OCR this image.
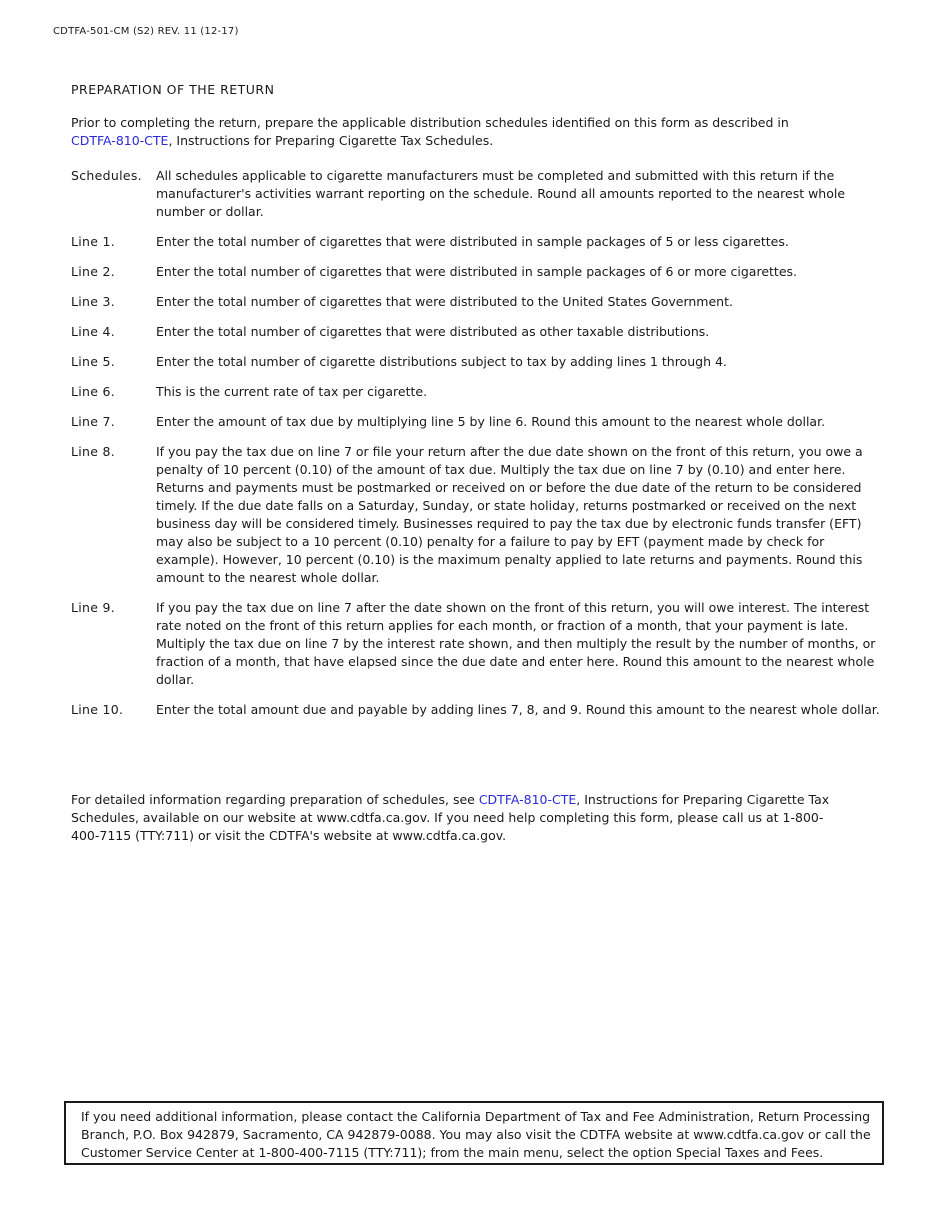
CDTFA-501-CM (S2) REV. 11 (12-17)
PREPARATION OF THE RETURN
Prior to completing the return, prepare the applicable distribution schedules identified on this form as described in CDTFA-810-CTE, Instructions for Preparing Cigarette Tax Schedules.
Schedules.	All schedules applicable to cigarette manufacturers must be completed and submitted with this return if the manufacturer's activities warrant reporting on the schedule. Round all amounts reported to the nearest whole number or dollar.
Line 1.	Enter the total number of cigarettes that were distributed in sample packages of 5 or less cigarettes.
Line 2.	Enter the total number of cigarettes that were distributed in sample packages of 6 or more cigarettes.
Line 3.	Enter the total number of cigarettes that were distributed to the United States Government.
Line 4.	Enter the total number of cigarettes that were distributed as other taxable distributions.
Line 5.	Enter the total number of cigarette distributions subject to tax by adding lines 1 through 4.
Line 6.	This is the current rate of tax per cigarette.
Line 7.	Enter the amount of tax due by multiplying line 5 by line 6. Round this amount to the nearest whole dollar.
Line 8.	If you pay the tax due on line 7 or file your return after the due date shown on the front of this return, you owe a penalty of 10 percent (0.10) of the amount of tax due. Multiply the tax due on line 7 by (0.10) and enter here. Returns and payments must be postmarked or received on or before the due date of the return to be considered timely. If the due date falls on a Saturday, Sunday, or state holiday, returns postmarked or received on the next business day will be considered timely. Businesses required to pay the tax due by electronic funds transfer (EFT) may also be subject to a 10 percent (0.10) penalty for a failure to pay by EFT (payment made by check for example). However, 10 percent (0.10) is the maximum penalty applied to late returns and payments. Round this amount to the nearest whole dollar.
Line 9.	If you pay the tax due on line 7 after the date shown on the front of this return, you will owe interest. The interest rate noted on the front of this return applies for each month, or fraction of a month, that your payment is late. Multiply the tax due on line 7 by the interest rate shown, and then multiply the result by the number of months, or fraction of a month, that have elapsed since the due date and enter here. Round this amount to the nearest whole dollar.
Line 10.	Enter the total amount due and payable by adding lines 7, 8, and 9. Round this amount to the nearest whole dollar.
For detailed information regarding preparation of schedules, see CDTFA-810-CTE, Instructions for Preparing Cigarette Tax Schedules, available on our website at www.cdtfa.ca.gov. If you need help completing this form, please call us at 1-800-400-7115 (TTY:711) or visit the CDTFA's website at www.cdtfa.ca.gov.

If you need additional information, please contact the California Department of Tax and Fee Administration, Return Processing Branch, P.O. Box 942879, Sacramento, CA 942879-0088. You may also visit the CDTFA website at www.cdtfa.ca.gov or call the Customer Service Center at 1-800-400-7115 (TTY:711); from the main menu, select the option Special Taxes and Fees.
